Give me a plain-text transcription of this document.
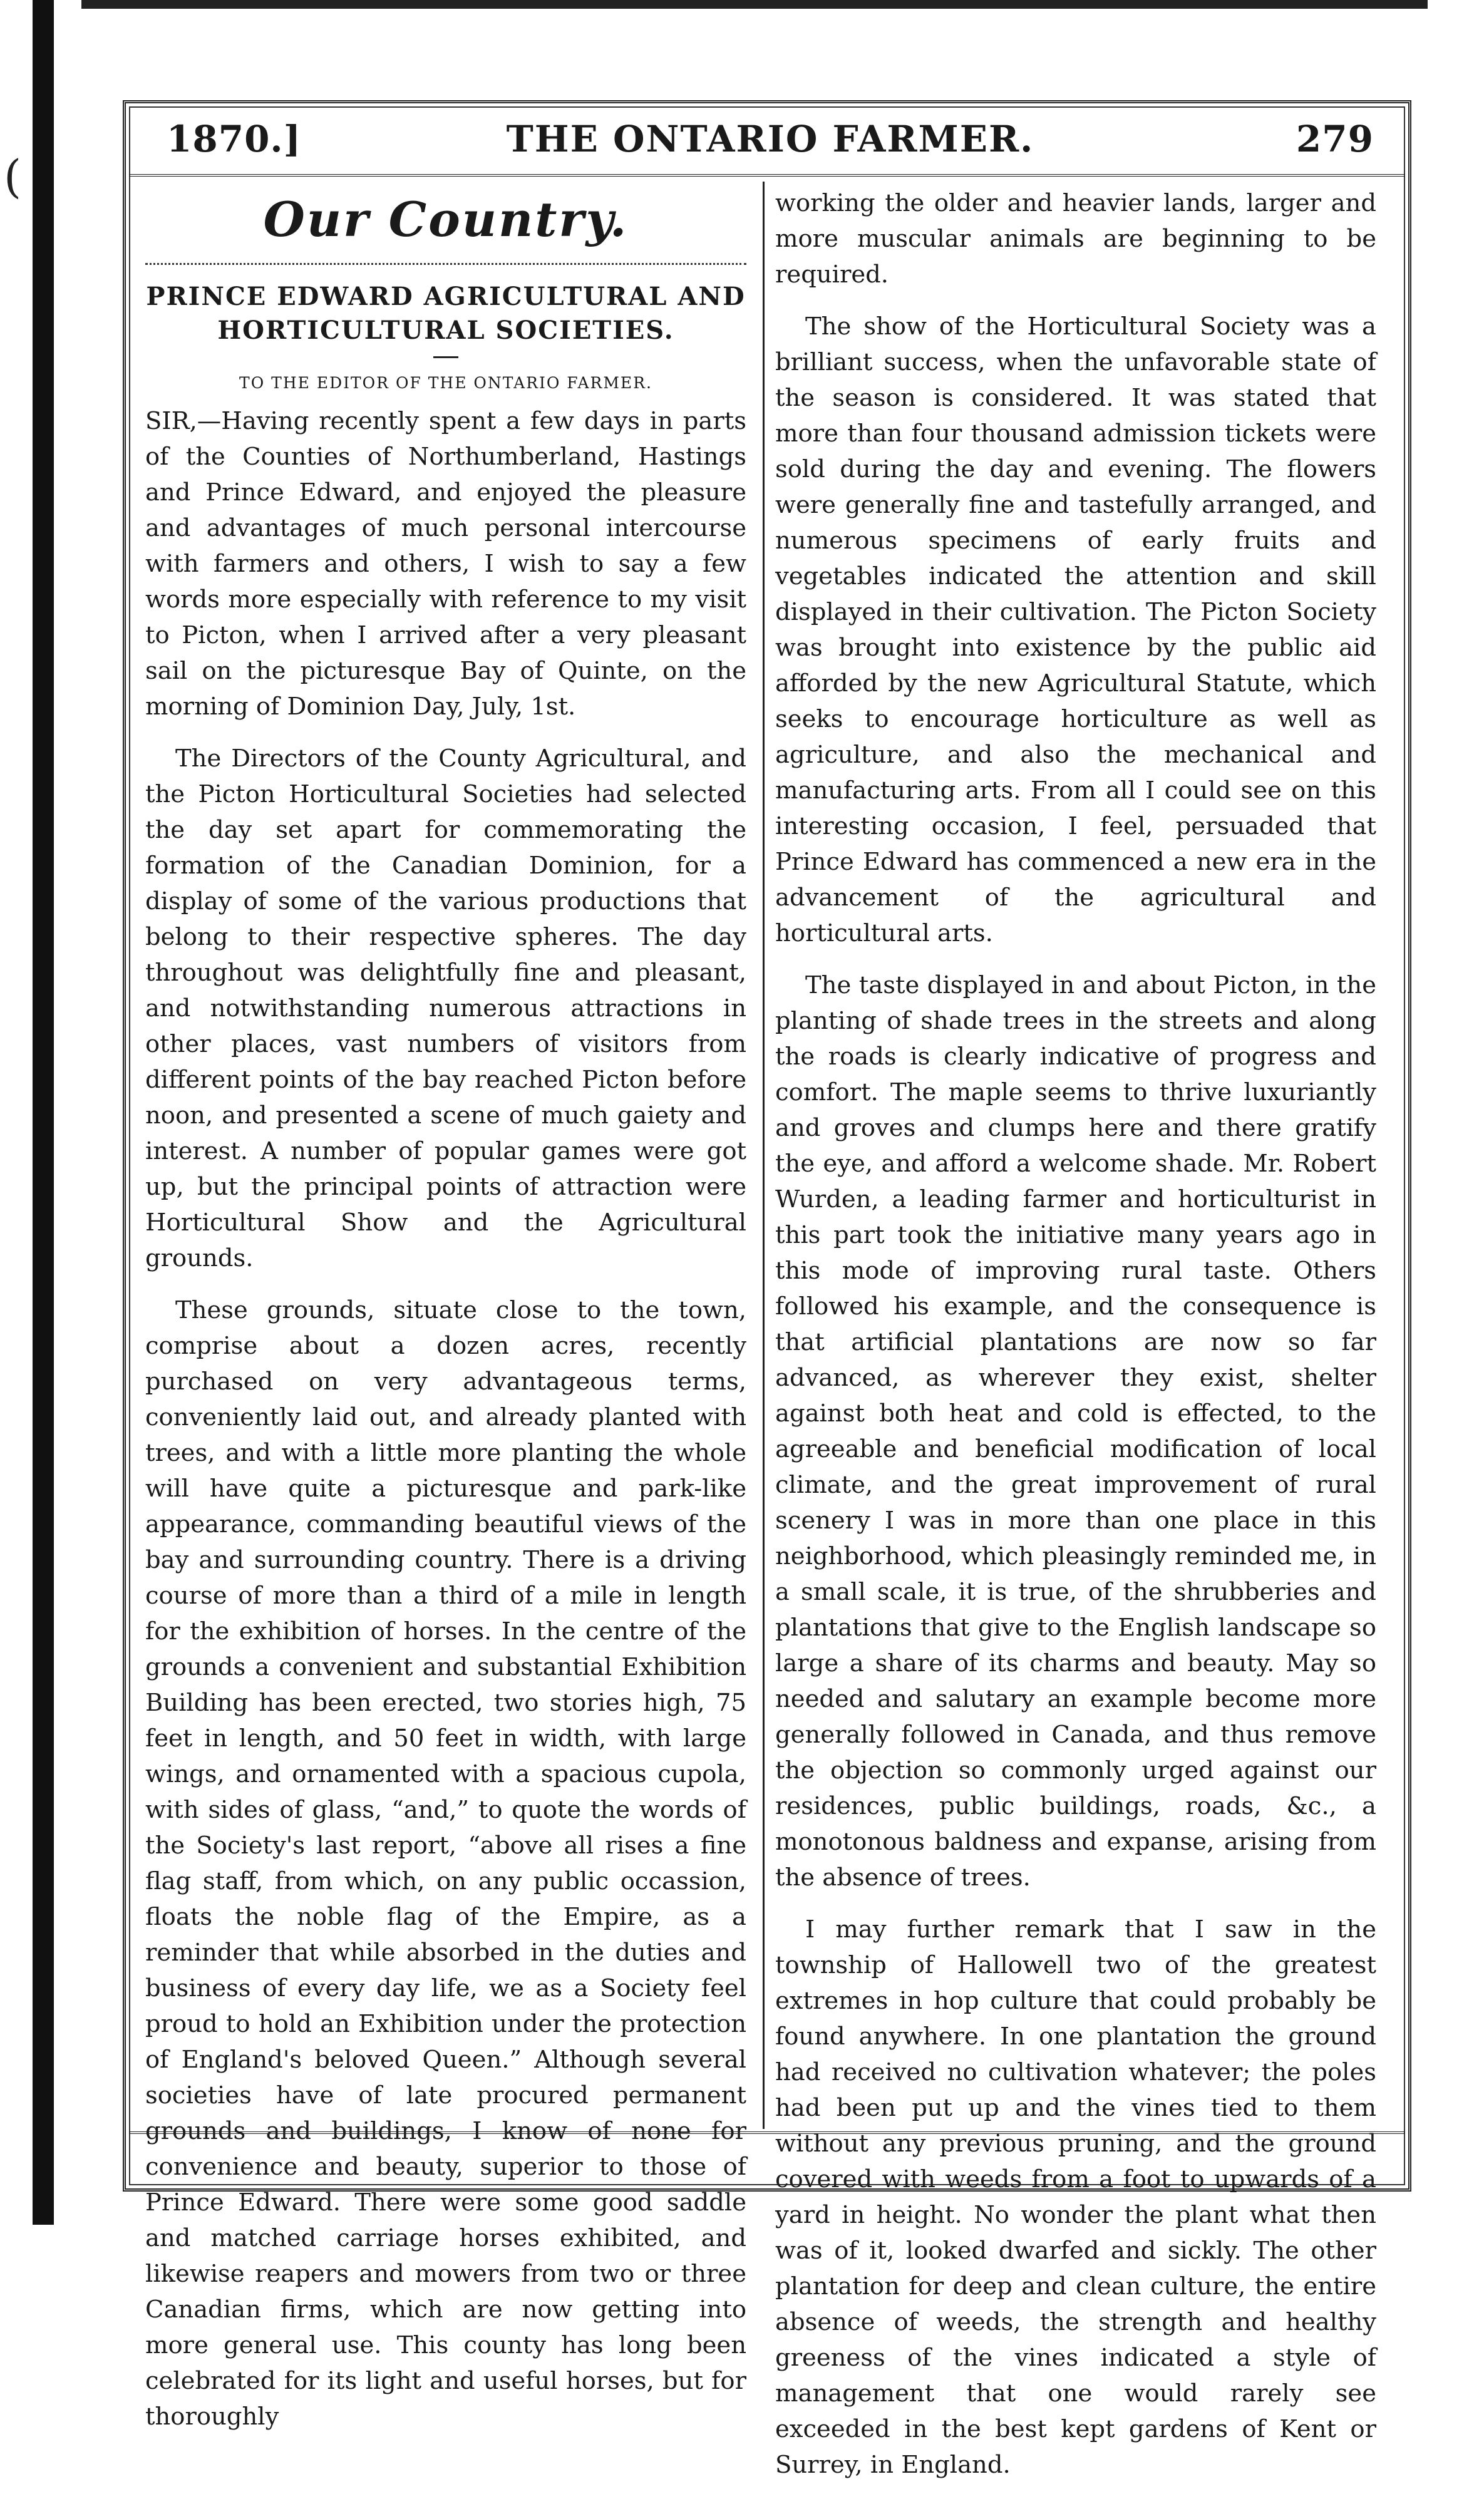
(
THE ONTARIO FARMER.
1870.]	279
Our Country.
PRINCE EDWARD AGRICULTURAL AND HORTICULTURAL SOCIETIES.
TO THE EDITOR OF THE ONTARIO FARMER.

SIR,—Having recently spent a few days in parts of the Counties of Northumberland, Hastings and Prince Edward, and enjoyed the pleasure and advantages of much personal intercourse with farmers and others, I wish to say a few words more especially with reference to my visit to Picton, when I arrived after a very pleasant sail on the picturesque Bay of Quinte, on the morning of Dominion Day, July, 1st.

The Directors of the County Agricultural, and the Picton Horticultural Societies had selected the day set apart for commemorating the formation of the Canadian Dominion, for a display of some of the various productions that belong to their respective spheres. The day throughout was delightfully fine and pleasant, and notwithstanding numerous attractions in other places, vast numbers of visitors from different points of the bay reached Picton before noon, and presented a scene of much gaiety and interest. A number of popular games were got up, but the principal points of attraction were Horticultural Show and the Agricultural grounds.

These grounds, situate close to the town, comprise about a dozen acres, recently purchased on very advantageous terms, conveniently laid out, and already planted with trees, and with a little more planting the whole will have quite a picturesque and park-like appearance, commanding beautiful views of the bay and surrounding country. There is a driving course of more than a third of a mile in length for the exhibition of horses. In the centre of the grounds a convenient and substantial Exhibition Building has been erected, two stories high, 75 feet in length, and 50 feet in width, with large wings, and ornamented with a spacious cupola, with sides of glass, “and,” to quote the words of the Society's last report, “above all rises a fine flag staff, from which, on any public occassion, floats the noble flag of the Empire, as a reminder that while absorbed in the duties and business of every day life, we as a Society feel proud to hold an Exhibition under the protection of England's beloved Queen.” Although several societies have of late procured permanent grounds and buildings, I know of none for convenience and beauty, superior to those of Prince Edward. There were some good saddle and matched carriage horses exhibited, and likewise reapers and mowers from two or three Canadian firms, which are now getting into more general use. This county has long been celebrated for its light and useful horses, but for thoroughly

working the older and heavier lands, larger and more muscular animals are beginning to be required.

The show of the Horticultural Society was a brilliant success, when the unfavorable state of the season is considered. It was stated that more than four thousand admission tickets were sold during the day and evening. The flowers were generally fine and tastefully arranged, and numerous specimens of early fruits and vegetables indicated the attention and skill displayed in their cultivation. The Picton Society was brought into existence by the public aid afforded by the new Agricultural Statute, which seeks to encourage horticulture as well as agriculture, and also the mechanical and manufacturing arts. From all I could see on this interesting occasion, I feel, persuaded that Prince Edward has commenced a new era in the advancement of the agricultural and horticultural arts.

The taste displayed in and about Picton, in the planting of shade trees in the streets and along the roads is clearly indicative of progress and comfort. The maple seems to thrive luxuriantly and groves and clumps here and there gratify the eye, and afford a welcome shade. Mr. Robert Wurden, a leading farmer and horticulturist in this part took the initiative many years ago in this mode of improving rural taste. Others followed his example, and the consequence is that artificial plantations are now so far advanced, as wherever they exist, shelter against both heat and cold is effected, to the agreeable and beneficial modification of local climate, and the great improvement of rural scenery I was in more than one place in this neighborhood, which pleasingly reminded me, in a small scale, it is true, of the shrubberies and plantations that give to the English landscape so large a share of its charms and beauty. May so needed and salutary an example become more generally followed in Canada, and thus remove the objection so commonly urged against our residences, public buildings, roads, &c., a monotonous baldness and expanse, arising from the absence of trees.

I may further remark that I saw in the township of Hallowell two of the greatest extremes in hop culture that could probably be found anywhere. In one plantation the ground had received no cultivation whatever; the poles had been put up and the vines tied to them without any previous pruning, and the ground covered with weeds from a foot to upwards of a yard in height. No wonder the plant what then was of it, looked dwarfed and sickly. The other plantation for deep and clean culture, the entire absence of weeds, the strength and healthy greeness of the vines indicated a style of management that one would rarely see exceeded in the best kept gardens of Kent or Surrey, in England.
